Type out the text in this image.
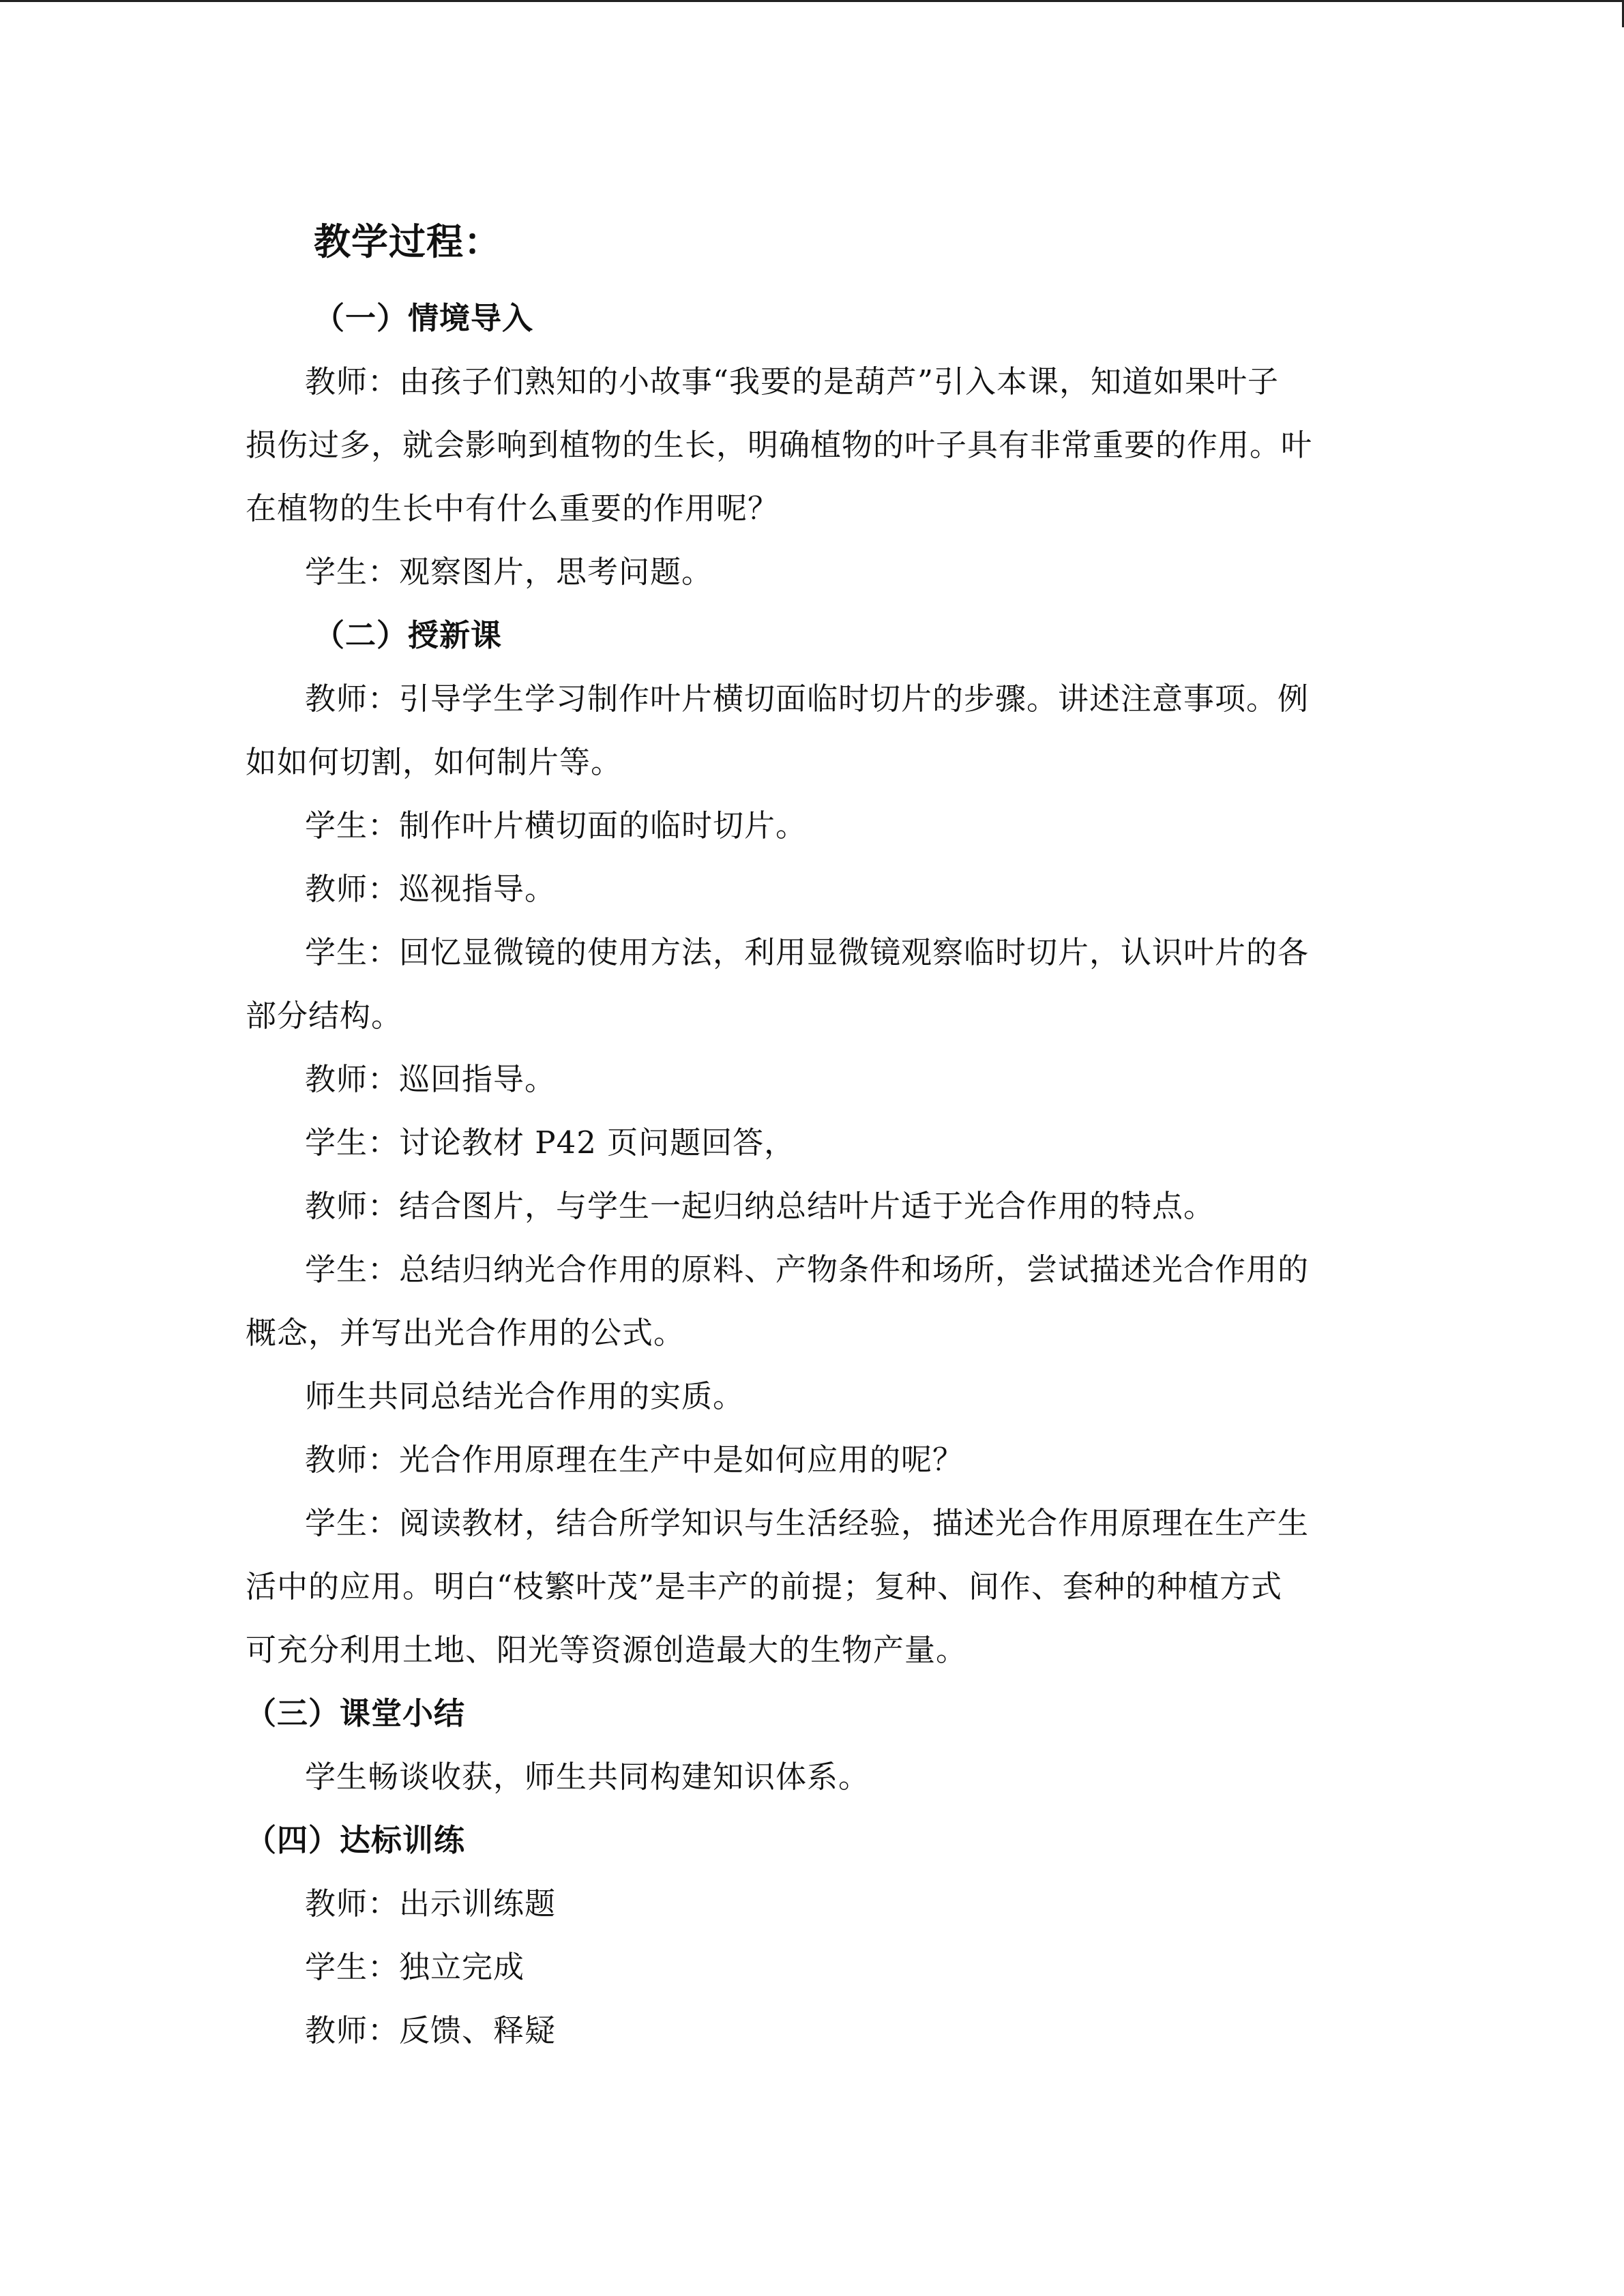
教学过程：
（一）情境导入
教师：由孩子们熟知的小故事“我要的是葫芦”引入本课，知道如果叶子
损伤过多，就会影响到植物的生长，明确植物的叶子具有非常重要的作用。叶
在植物的生长中有什么重要的作用呢？
学生：观察图片，思考问题。
（二）授新课
教师：引导学生学习制作叶片横切面临时切片的步骤。讲述注意事项。例
如如何切割，如何制片等。
学生：制作叶片横切面的临时切片。
教师：巡视指导。
学生：回忆显微镜的使用方法，利用显微镜观察临时切片，认识叶片的各
部分结构。
教师：巡回指导。
学生：讨论教材 P42 页问题回答，
教师：结合图片，与学生一起归纳总结叶片适于光合作用的特点。
学生：总结归纳光合作用的原料、产物条件和场所，尝试描述光合作用的
概念，并写出光合作用的公式。
师生共同总结光合作用的实质。
教师：光合作用原理在生产中是如何应用的呢？
学生：阅读教材，结合所学知识与生活经验，描述光合作用原理在生产生
活中的应用。明白“枝繁叶茂”是丰产的前提；复种、间作、套种的种植方式
可充分利用土地、阳光等资源创造最大的生物产量。
（三）课堂小结
学生畅谈收获，师生共同构建知识体系。
（四）达标训练
教师：出示训练题
学生：独立完成
教师：反馈、释疑
